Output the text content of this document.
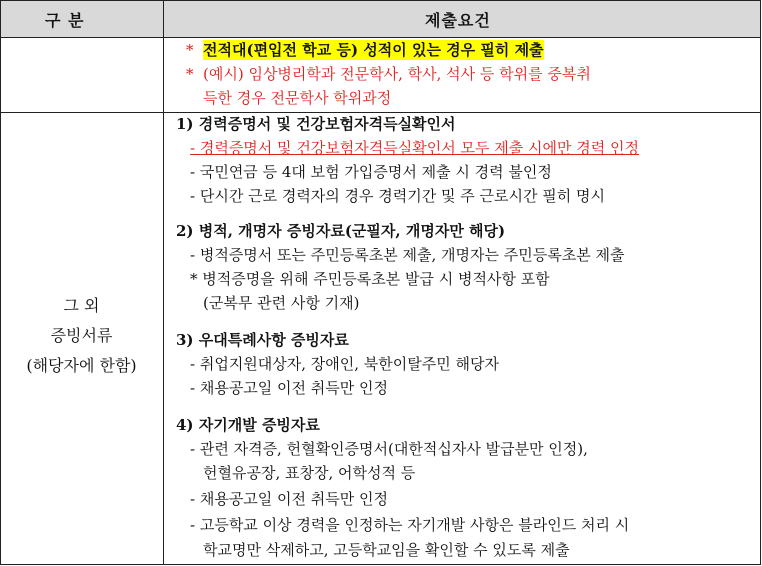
구 분	제출요건
* 전적대(편입전 학교 등) 성적이 있는 경우 필히 제출
* (예시) 임상병리학과 전문학사, 학사, 석사 등 학위를 중복취
득한 경우 전문학사 학위과정
그 외
증빙서류
(해당자에 한함)
1) 경력증명서 및 건강보험자격득실확인서
- 경력증명서 및 건강보험자격득실확인서 모두 제출 시에만 경력 인정
- 국민연금 등 4대 보험 가입증명서 제출 시 경력 불인정
- 단시간 근로 경력자의 경우 경력기간 및 주 근로시간 필히 명시
2) 병적, 개명자 증빙자료(군필자, 개명자만 해당)
- 병적증명서 또는 주민등록초본 제출, 개명자는 주민등록초본 제출
* 병적증명을 위해 주민등록초본 발급 시 병적사항 포함
(군복무 관련 사항 기재)
3) 우대특례사항 증빙자료
- 취업지원대상자, 장애인, 북한이탈주민 해당자
- 채용공고일 이전 취득만 인정
4) 자기개발 증빙자료
- 관련 자격증, 헌혈확인증명서(대한적십자사 발급분만 인정),
헌혈유공장, 표창장, 어학성적 등
- 채용공고일 이전 취득만 인정
- 고등학교 이상 경력을 인정하는 자기개발 사항은 블라인드 처리 시
학교명만 삭제하고, 고등학교임을 확인할 수 있도록 제출
